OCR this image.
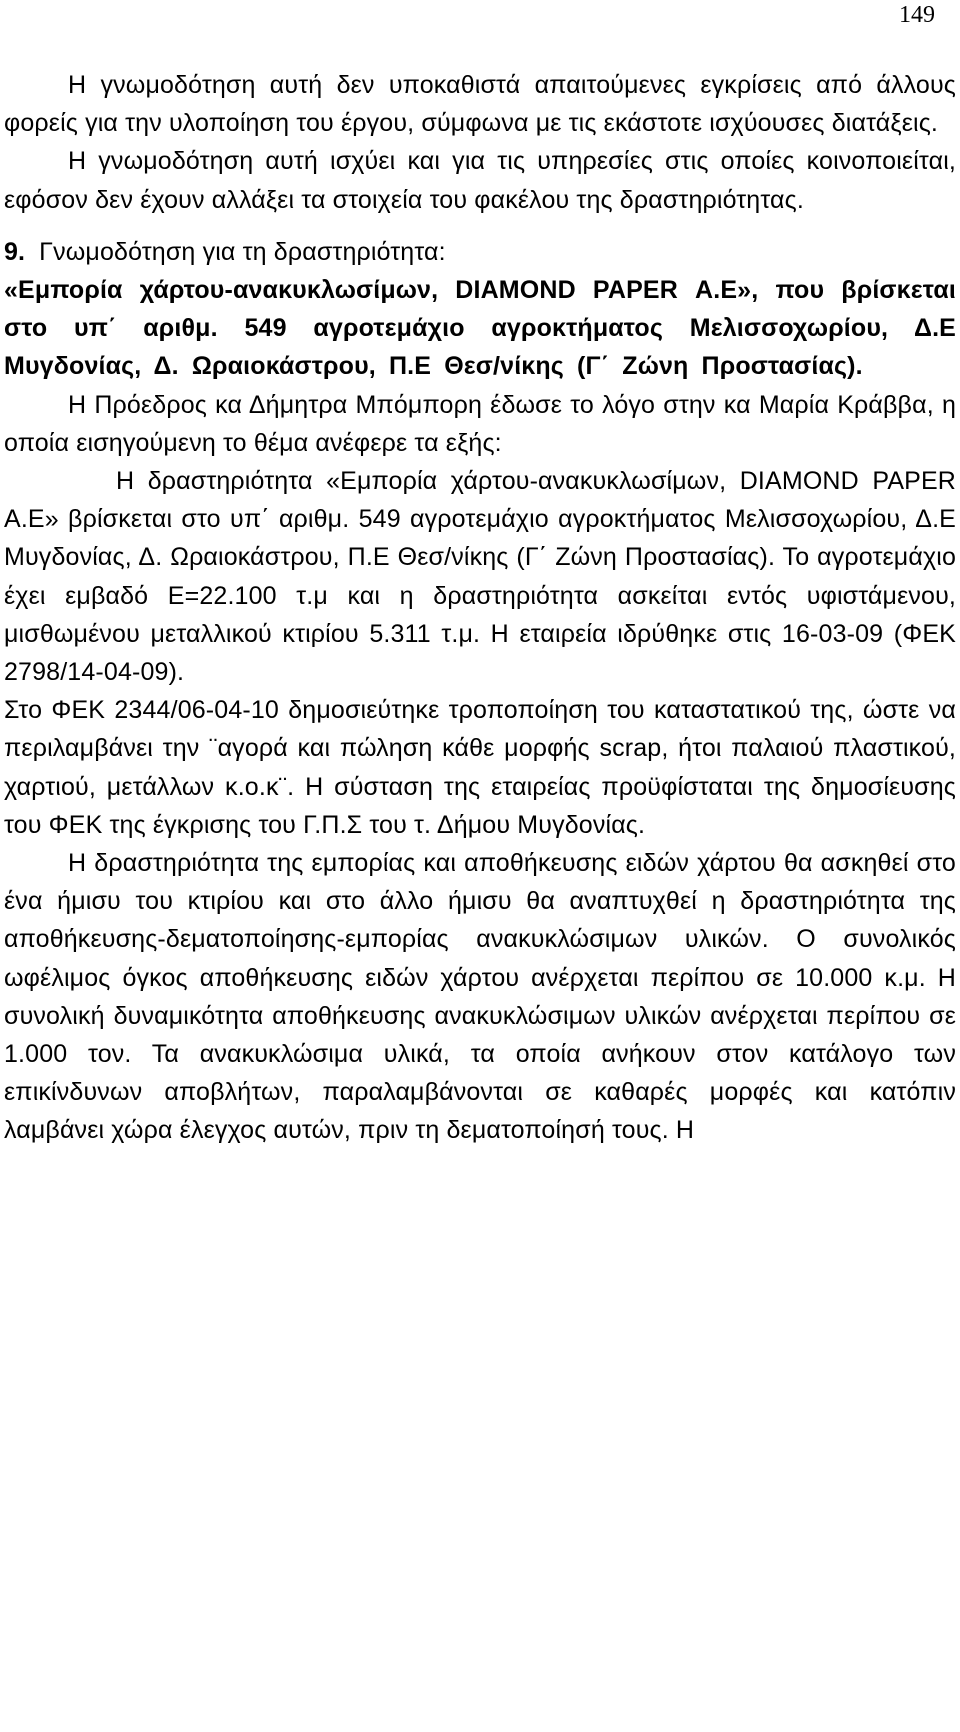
149

Η γνωμοδότηση αυτή δεν υποκαθιστά απαιτούμενες εγκρίσεις από άλλους φορείς για την υλοποίηση του έργου, σύμφωνα με τις εκάστοτε ισχύουσες διατάξεις.

Η γνωμοδότηση αυτή ισχύει και για τις υπηρεσίες στις οποίες κοινοποιείται, εφόσον δεν έχουν αλλάξει τα στοιχεία του φακέλου της δραστηριότητας.

9. Γνωμοδότηση για τη δραστηριότητα:

«Εμπορία χάρτου-ανακυκλωσίμων, DIAMOND PAPER Α.Ε», που βρίσκεται στο υπ΄ αριθμ. 549 αγροτεμάχιο αγροκτήματος Μελισσοχωρίου, Δ.Ε Μυγδονίας, Δ. Ωραιοκάστρου, Π.Ε Θεσ/νίκης (Γ΄ Ζώνη Προστασίας).

Η Πρόεδρος κα Δήμητρα Μπόμπορη έδωσε το λόγο στην κα Μαρία Κράββα, η οποία εισηγούμενη το θέμα ανέφερε τα εξής:

Η δραστηριότητα «Εμπορία χάρτου-ανακυκλωσίμων, DIAMOND PAPER Α.Ε» βρίσκεται στο υπ΄ αριθμ. 549 αγροτεμάχιο αγροκτήματος Μελισσοχωρίου, Δ.Ε Μυγδονίας, Δ. Ωραιοκάστρου, Π.Ε Θεσ/νίκης (Γ΄ Ζώνη Προστασίας). Το αγροτεμάχιο έχει εμβαδό Ε=22.100 τ.μ και η δραστηριότητα ασκείται εντός υφιστάμενου, μισθωμένου μεταλλικού κτιρίου 5.311 τ.μ. Η εταιρεία ιδρύθηκε στις 16-03-09 (ΦΕΚ 2798/14-04-09).

Στο ΦΕΚ 2344/06-04-10 δημοσιεύτηκε τροποποίηση του καταστατικού της, ώστε να περιλαμβάνει την ¨αγορά και πώληση κάθε μορφής scrap, ήτοι παλαιού πλαστικού, χαρτιού, μετάλλων κ.ο.κ¨. Η σύσταση της εταιρείας προϋφίσταται της δημοσίευσης του ΦΕΚ της έγκρισης του Γ.Π.Σ του τ. Δήμου Μυγδονίας.

Η δραστηριότητα της εμπορίας και αποθήκευσης ειδών χάρτου θα ασκηθεί στο ένα ήμισυ του κτιρίου και στο άλλο ήμισυ θα αναπτυχθεί η δραστηριότητα της αποθήκευσης-δεματοποίησης-εμπορίας ανακυκλώσιμων υλικών. Ο συνολικός ωφέλιμος όγκος αποθήκευσης ειδών χάρτου ανέρχεται περίπου σε 10.000 κ.μ. Η συνολική δυναμικότητα αποθήκευσης ανακυκλώσιμων υλικών ανέρχεται περίπου σε 1.000 τον. Τα ανακυκλώσιμα υλικά, τα οποία ανήκουν στον κατάλογο των επικίνδυνων αποβλήτων, παραλαμβάνονται σε καθαρές μορφές και κατόπιν λαμβάνει χώρα έλεγχος αυτών, πριν τη δεματοποίησή τους. Η
